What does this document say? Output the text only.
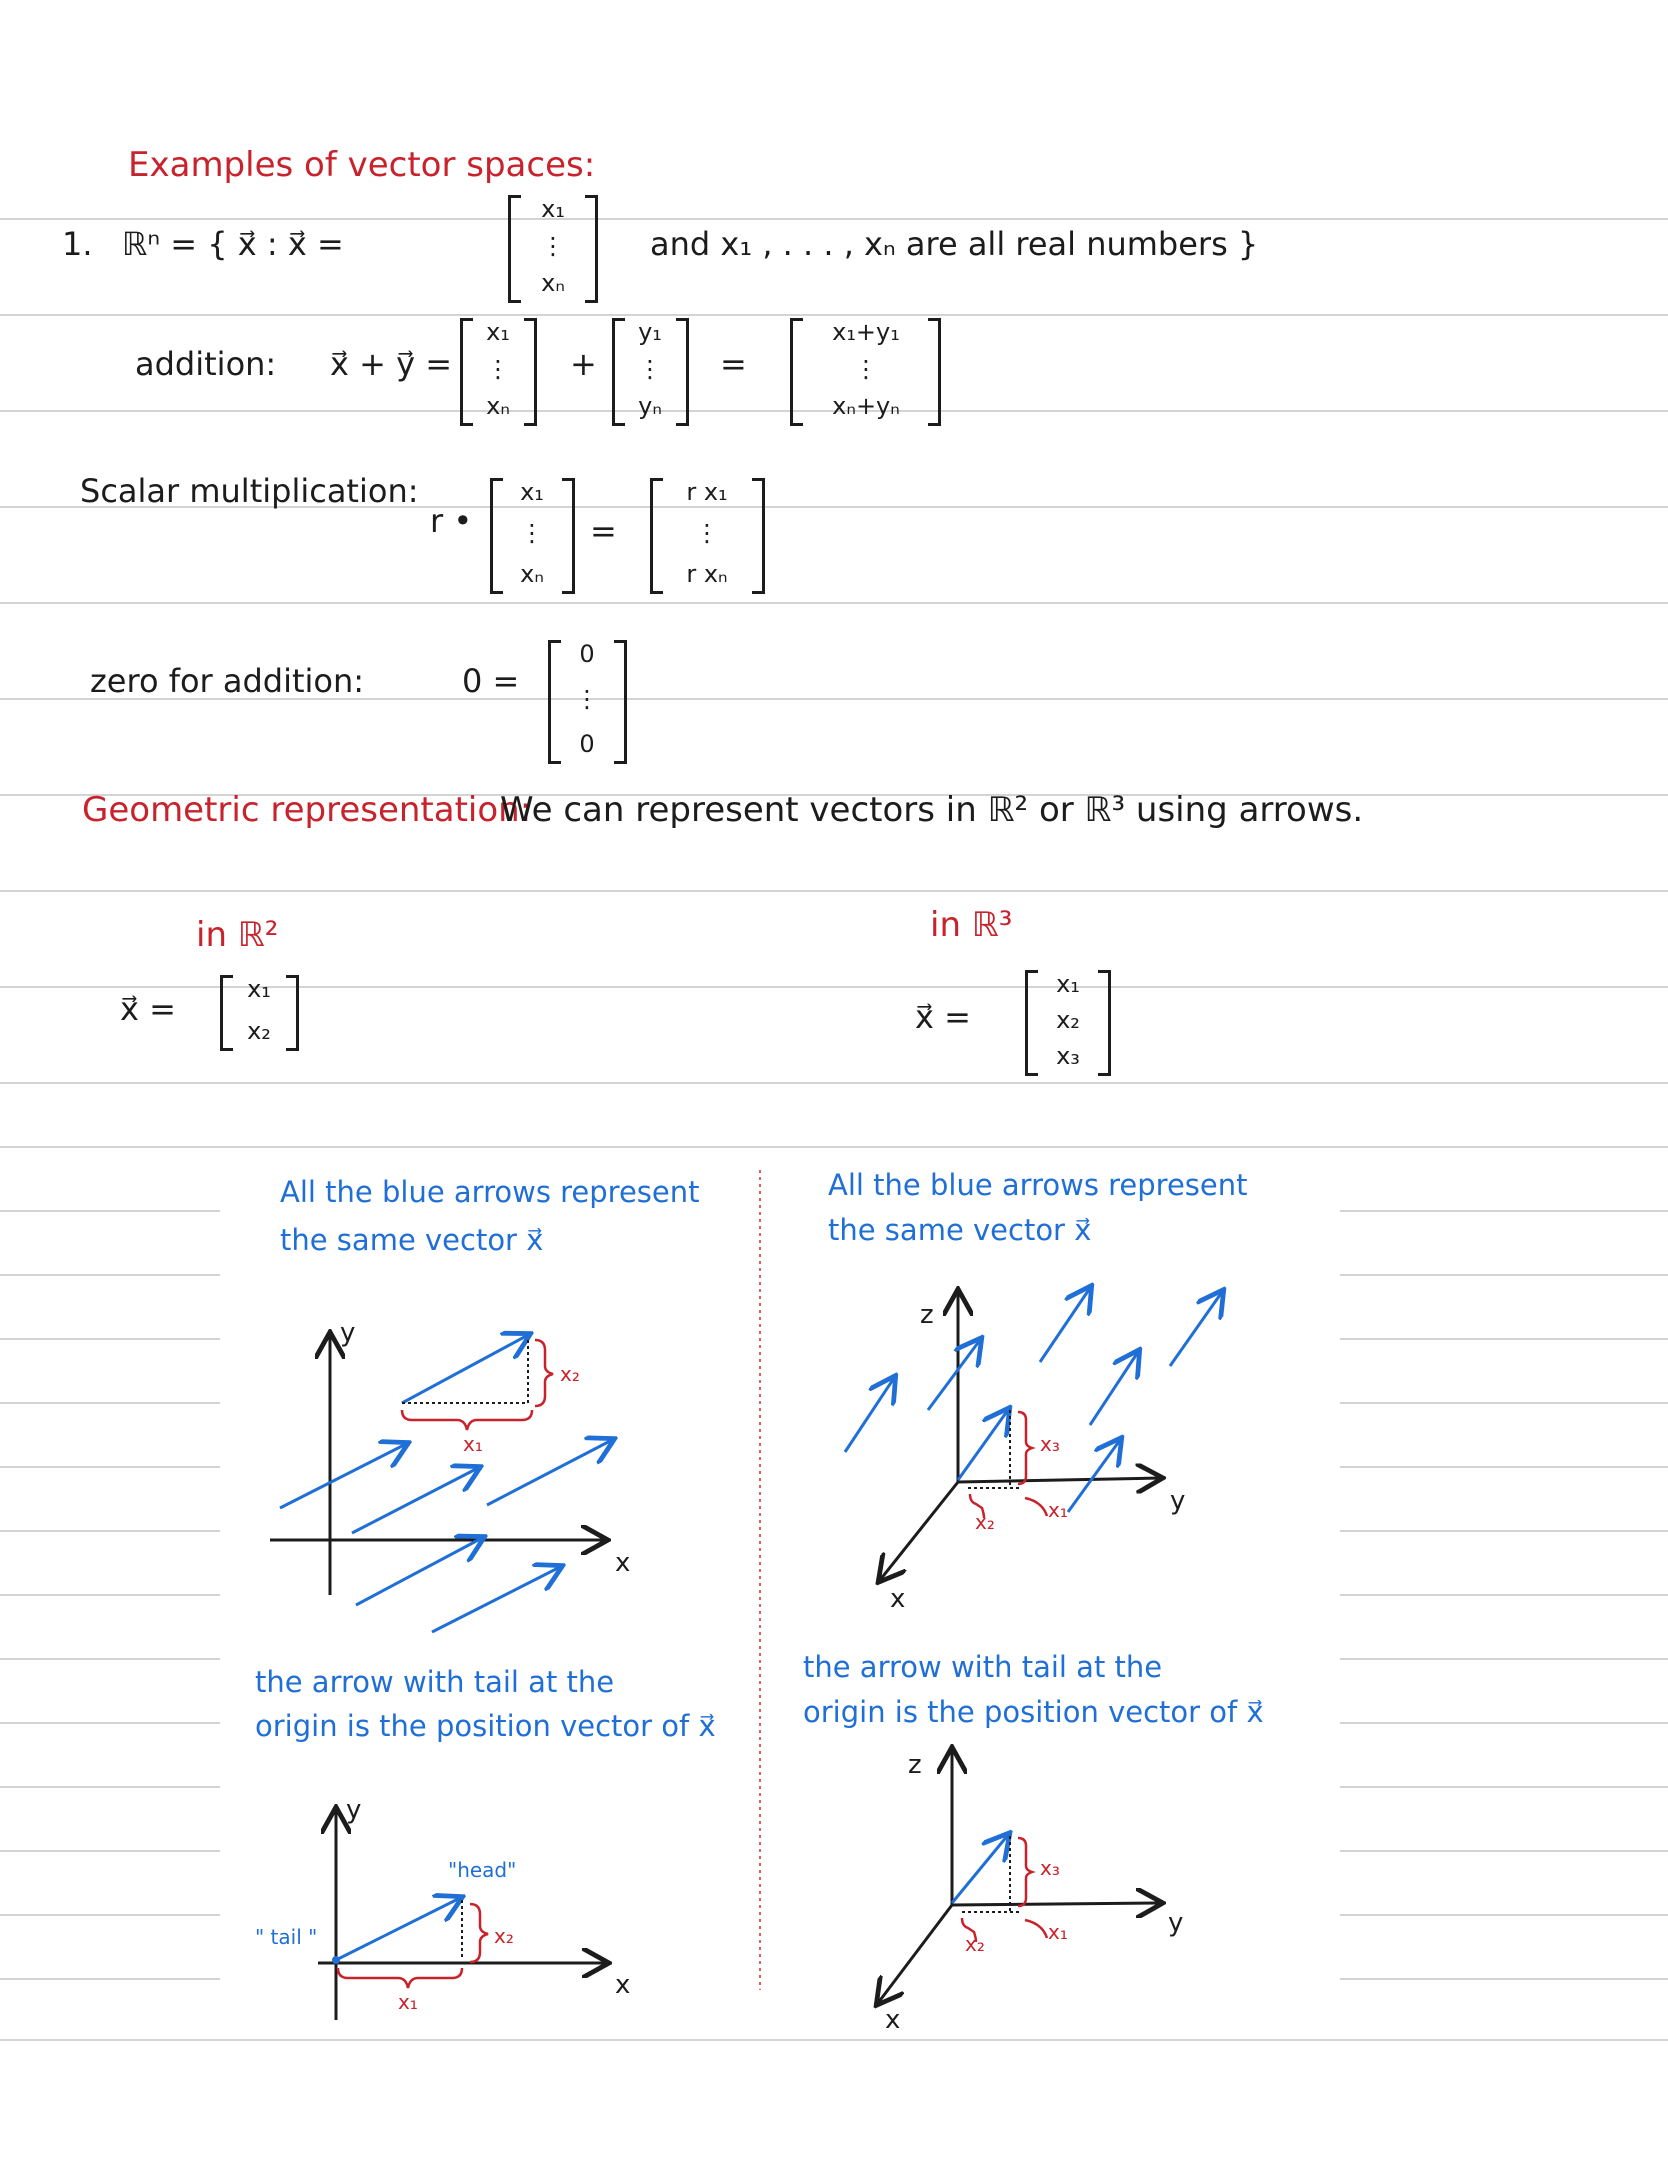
Examples of vector spaces:
1. ℝⁿ = { x⃗ : x⃗ =
x₁
⋮
xₙ
and x₁ , . . . , xₙ are all real numbers }
addition: x⃗ + y⃗ =
x₁
⋮
xₙ
+
y₁
⋮
yₙ
=
x₁+y₁
⋮
xₙ+yₙ
Scalar multiplication:
r •
x₁
⋮
xₙ
=
r x₁
⋮
r xₙ
zero for addition:	0 =
0
⋮
0
Geometric representation:
We can represent vectors in ℝ² or ℝ³ using arrows.
in ℝ²
x⃗ =
x₁
x₂
in ℝ³
x⃗ =
x₁
x₂
x₃
All the blue arrows represent
the same vector x⃗
y
x
x₁
x₂
the arrow with tail at the
origin is the position vector of x⃗
y
x
"head"
" tail "
x₁
x₂
All the blue arrows represent
the same vector x⃗
z
y
x
x₁
x₂
x₃
the arrow with tail at the
origin is the position vector of x⃗
z
y
x
x₁
x₂
x₃
